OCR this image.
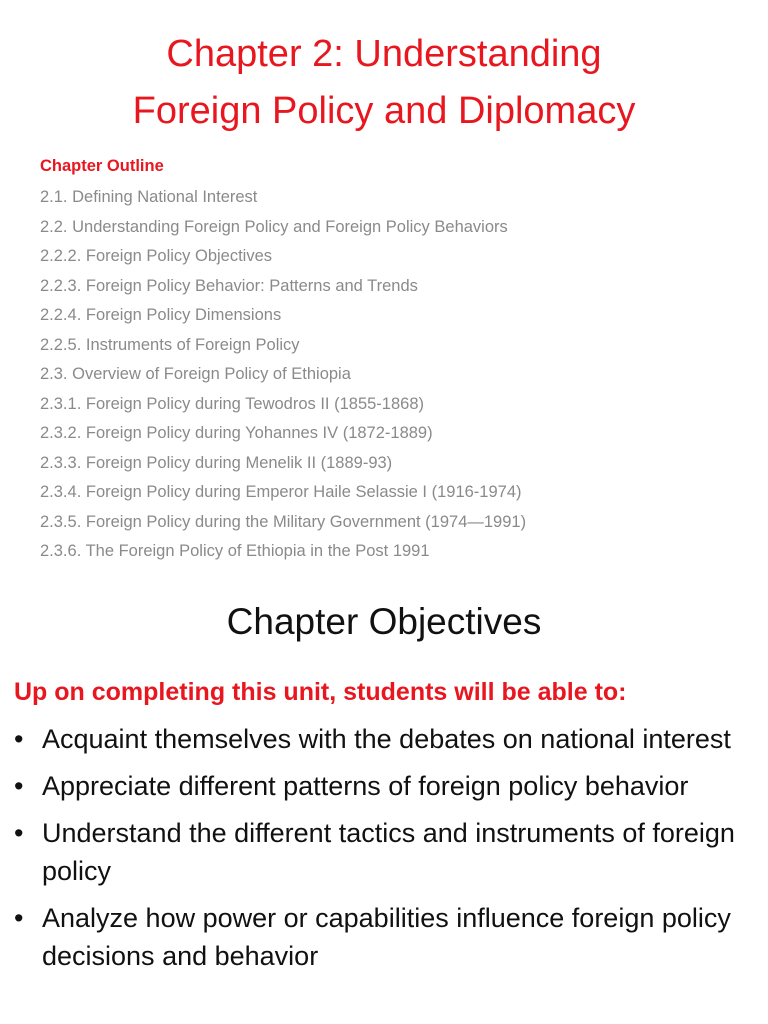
Chapter 2: Understanding
Foreign Policy and Diplomacy
Chapter Outline
2.1. Defining National Interest
2.2. Understanding Foreign Policy and Foreign Policy Behaviors
2.2.2. Foreign Policy Objectives
2.2.3. Foreign Policy Behavior: Patterns and Trends
2.2.4. Foreign Policy Dimensions
2.2.5. Instruments of Foreign Policy
2.3. Overview of Foreign Policy of Ethiopia
2.3.1. Foreign Policy during Tewodros II (1855-1868)
2.3.2. Foreign Policy during Yohannes IV (1872-1889)
2.3.3. Foreign Policy during Menelik II (1889-93)
2.3.4. Foreign Policy during Emperor Haile Selassie I (1916-1974)
2.3.5. Foreign Policy during the Military Government (1974—1991)
2.3.6. The Foreign Policy of Ethiopia in the Post 1991
Chapter Objectives
Up on completing this unit, students will be able to:
• Acquaint themselves with the debates on national interest
• Appreciate different patterns of foreign policy behavior
• Understand the different tactics and instruments of foreign policy
• Analyze how power or capabilities influence foreign policy decisions and behavior
